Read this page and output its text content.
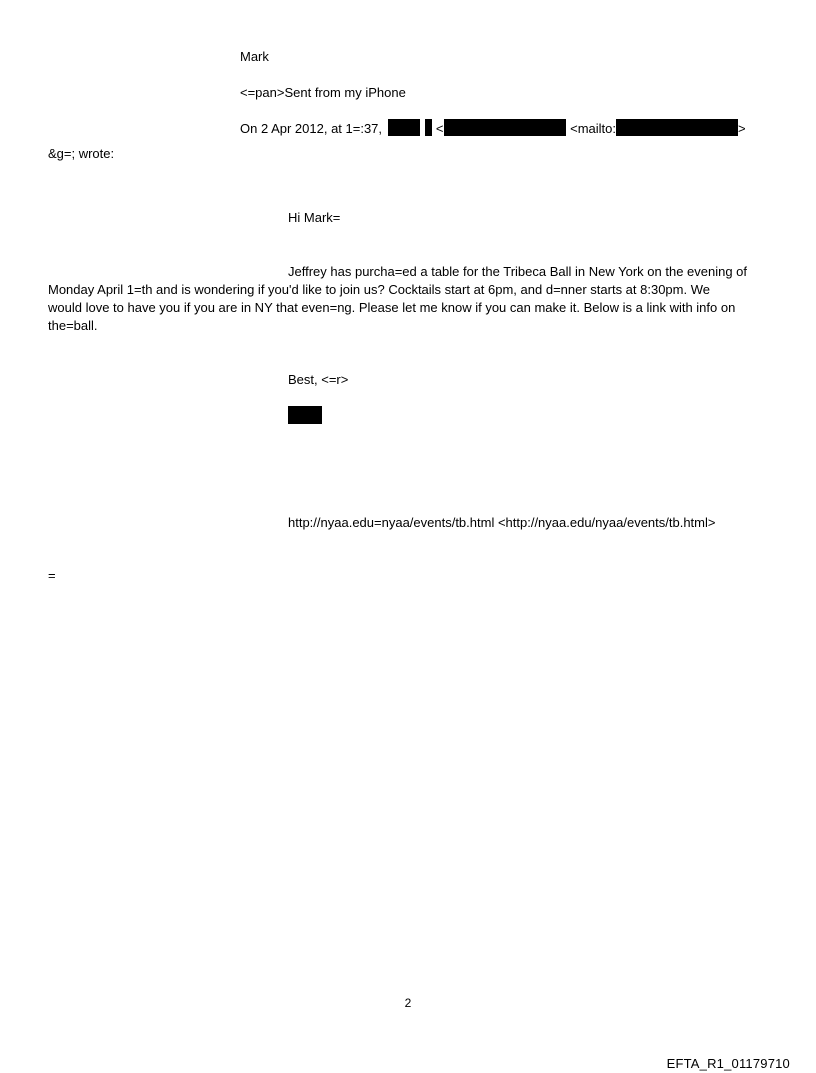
Mark
<=pan>Sent from my iPhone
On 2 Apr 2012, at 1=:37,	<	<mailto:	>
&g=; wrote:
Hi Mark=
Jeffrey has purcha=ed a table for the Tribeca Ball in New York on the evening of
Monday April 1=th and is wondering if you'd like to join us? Cocktails start at 6pm, and d=nner starts at 8:30pm. We
would love to have you if you are in NY that even=ng. Please let me know if you can make it. Below is a link with info on
the=ball.
Best, <=r>
http://nyaa.edu=nyaa/events/tb.html <http://nyaa.edu/nyaa/events/tb.html>
=
2
EFTA_R1_01179710
